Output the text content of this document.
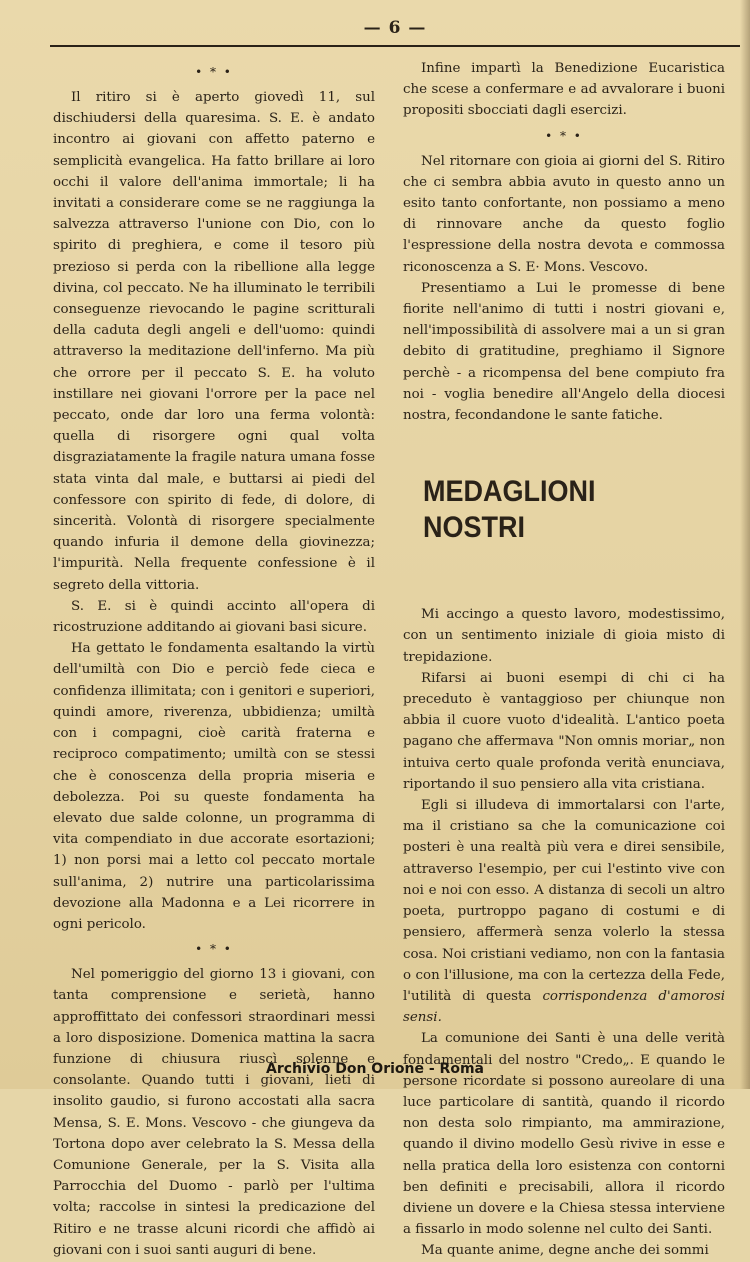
— 6 —
• * •

Il ritiro si è aperto giovedì 11, sul dischiudersi della quaresima. S. E. è andato incontro ai giovani con affetto paterno e semplicità evangelica. Ha fatto brillare ai loro occhi il valore dell'anima immortale; li ha invitati a considerare come se ne raggiunga la salvezza attraverso l'unione con Dio, con lo spirito di preghiera, e come il tesoro più prezioso si perda con la ribellione alla legge divina, col peccato. Ne ha illuminato le terribili conseguenze rievocando le pagine scritturali della caduta degli angeli e dell'uomo: quindi attraverso la meditazione dell'inferno. Ma più che orrore per il peccato S. E. ha voluto instillare nei giovani l'orrore per la pace nel peccato, onde dar loro una ferma volontà: quella di risorgere ogni qual volta disgraziatamente la fragile natura umana fosse stata vinta dal male, e buttarsi ai piedi del confessore con spirito di fede, di dolore, di sincerità. Volontà di risorgere specialmente quando infuria il demone della giovinezza; l'impurità. Nella frequente confessione è il segreto della vittoria.

S. E. si è quindi accinto all'opera di ricostruzione additando ai giovani basi sicure.

Ha gettato le fondamenta esaltando la virtù dell'umiltà con Dio e perciò fede cieca e confidenza illimitata; con i genitori e superiori, quindi amore, riverenza, ubbidienza; umiltà con i compagni, cioè carità fraterna e reciproco compatimento; umiltà con se stessi che è conoscenza della propria miseria e debolezza. Poi su queste fondamenta ha elevato due salde colonne, un programma di vita compendiato in due accorate esortazioni; 1) non porsi mai a letto col peccato mortale sull'anima, 2) nutrire una particolarissima devozione alla Madonna e a Lei ricorrere in ogni pericolo.

• * •

Nel pomeriggio del giorno 13 i giovani, con tanta comprensione e serietà, hanno approffittato dei confessori straordinari messi a loro disposizione. Domenica mattina la sacra funzione di chiusura riuscì solenne e consolante. Quando tutti i giovani, lieti di insolito gaudio, si furono accostati alla sacra Mensa, S. E. Mons. Vescovo - che giungeva da Tortona dopo aver celebrato la S. Messa della Comunione Generale, per la S. Visita alla Parrocchia del Duomo - parlò per l'ultima volta; raccolse in sintesi la predicazione del Ritiro e ne trasse alcuni ricordi che affidò ai giovani con i suoi santi auguri di bene.

Infine impartì la Benedizione Eucaristica che scese a confermare e ad avvalorare i buoni propositi sbocciati dagli esercizi.

• * •

Nel ritornare con gioia ai giorni del S. Ritiro che ci sembra abbia avuto in questo anno un esito tanto confortante, non possiamo a meno di rinnovare anche da questo foglio l'espressione della nostra devota e commossa riconoscenza a S. E· Mons. Vescovo.

Presentiamo a Lui le promesse di bene fiorite nell'animo di tutti i nostri giovani e, nell'impossibilità di assolvere mai a un si gran debito di gratitudine, preghiamo il Signore perchè - a ricompensa del bene compiuto fra noi - voglia benedire all'Angelo della diocesi nostra, fecondandone le sante fatiche.

MEDAGLIONI NOSTRI

Mi accingo a questo lavoro, modestissimo, con un sentimento iniziale di gioia misto di trepidazione.

Rifarsi ai buoni esempi di chi ci ha preceduto è vantaggioso per chiunque non abbia il cuore vuoto d'idealità. L'antico poeta pagano che affermava "Non omnis moriar„ non intuiva certo quale profonda verità enunciava, riportando il suo pensiero alla vita cristiana.

Egli si illudeva di immortalarsi con l'arte, ma il cristiano sa che la comunicazione coi posteri è una realtà più vera e direi sensibile, attraverso l'esempio, per cui l'estinto vive con noi e noi con esso. A distanza di secoli un altro poeta, purtroppo pagano di costumi e di pensiero, affermerà senza volerlo la stessa cosa. Noi cristiani vediamo, non con la fantasia o con l'illusione, ma con la certezza della Fede, l'utilità di questa corrispondenza d'amorosi sensi.

La comunione dei Santi è una delle verità fondamentali del nostro "Credo„. E quando le persone ricordate si possono aureolare di una luce particolare di santità, quando il ricordo non desta solo rimpianto, ma ammirazione, quando il divino modello Gesù rivive in esse e nella pratica della loro esistenza con contorni ben definiti e precisabili, allora il ricordo diviene un dovere e la Chiesa stessa interviene a fissarlo in modo solenne nel culto dei Santi.

Ma quante anime, degne anche dei sommi

Archivio Don Orione - Roma
